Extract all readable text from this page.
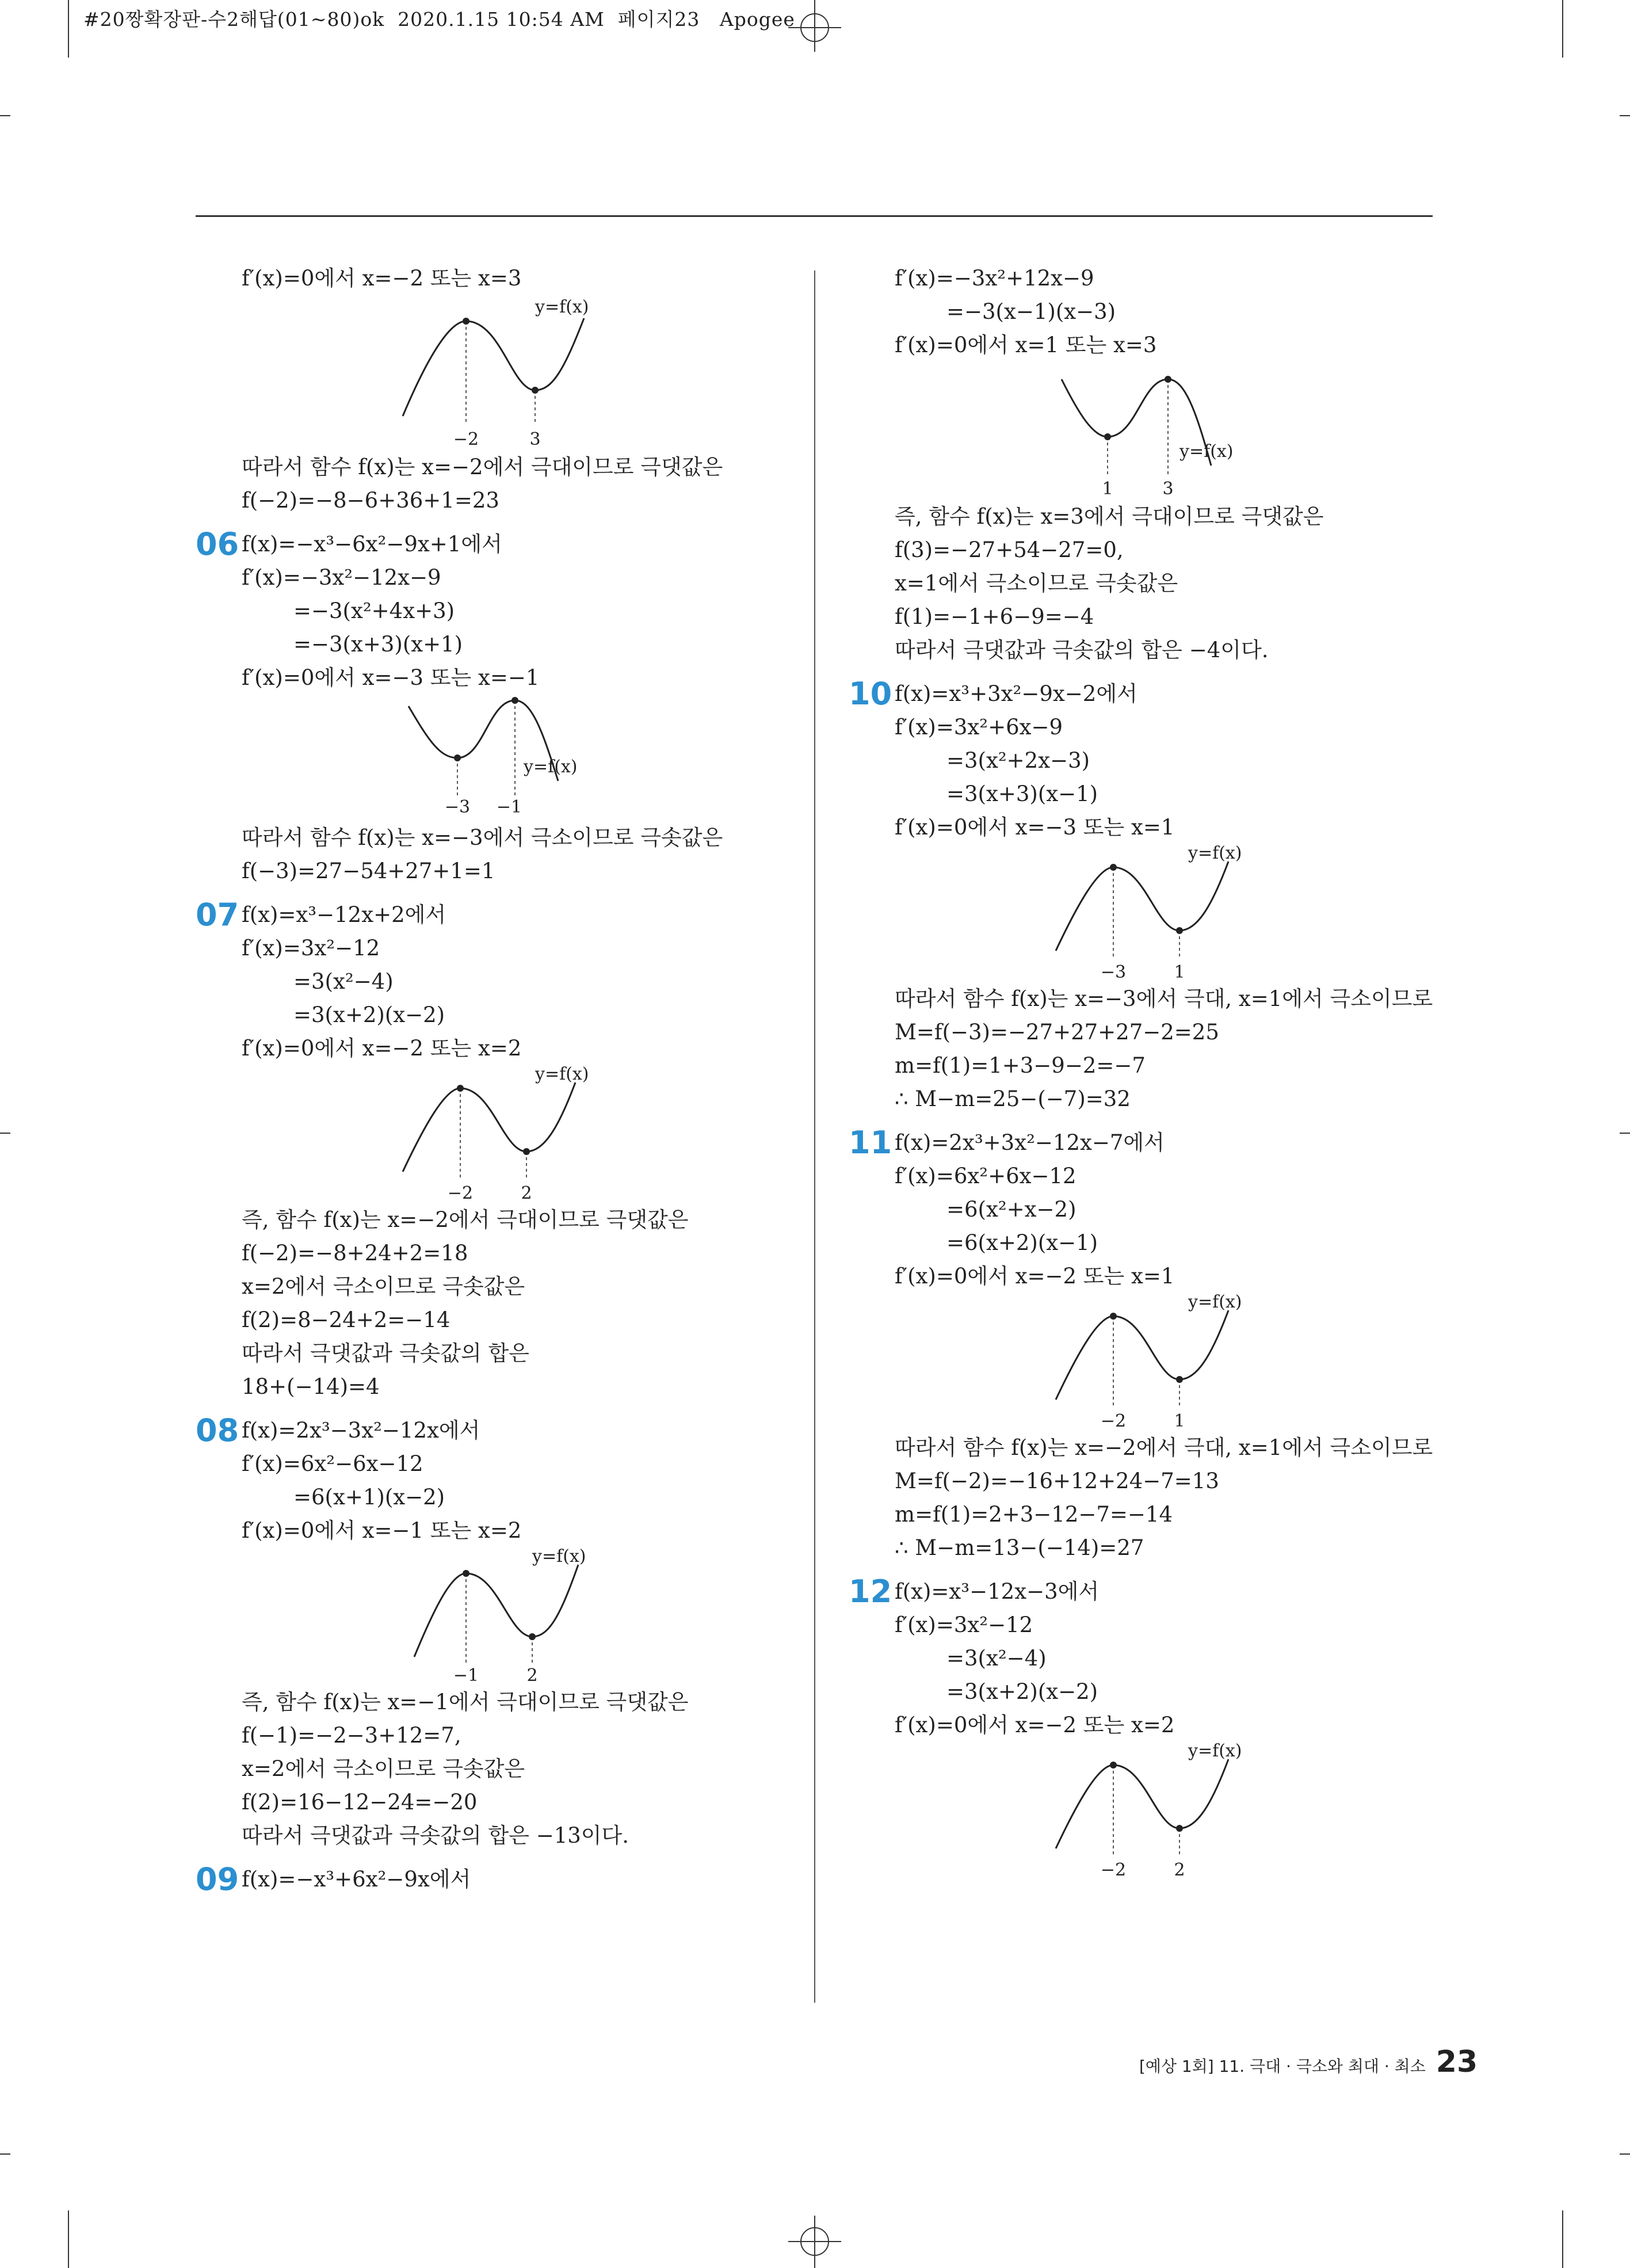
#20짱확장판-수2해답(01~80)ok  2020.1.15 10:54 AM  페이지23   Apogee
f′(x)=0에서 x=−2 또는 x=3
y=f(x)
−2	3
따라서 함수 f(x)는 x=−2에서 극대이므로 극댓값은
f(−2)=−8−6+36+1=23
06 f(x)=−x³−6x²−9x+1에서
f′(x)=−3x²−12x−9
=−3(x²+4x+3)
=−3(x+3)(x+1)
f′(x)=0에서 x=−3 또는 x=−1
y=f(x)
−3 −1
따라서 함수 f(x)는 x=−3에서 극소이므로 극솟값은
f(−3)=27−54+27+1=1
07 f(x)=x³−12x+2에서
f′(x)=3x²−12
=3(x²−4)
=3(x+2)(x−2)
f′(x)=0에서 x=−2 또는 x=2
y=f(x)
−2	2
즉, 함수 f(x)는 x=−2에서 극대이므로 극댓값은
f(−2)=−8+24+2=18
x=2에서 극소이므로 극솟값은
f(2)=8−24+2=−14
따라서 극댓값과 극솟값의 합은
18+(−14)=4
08 f(x)=2x³−3x²−12x에서
f′(x)=6x²−6x−12
=6(x+1)(x−2)
f′(x)=0에서 x=−1 또는 x=2
y=f(x)
−1	2
즉, 함수 f(x)는 x=−1에서 극대이므로 극댓값은
f(−1)=−2−3+12=7,
x=2에서 극소이므로 극솟값은
f(2)=16−12−24=−20
따라서 극댓값과 극솟값의 합은 −13이다.
09 f(x)=−x³+6x²−9x에서
f′(x)=−3x²+12x−9
=−3(x−1)(x−3)
f′(x)=0에서 x=1 또는 x=3
y=f(x)
1	3
즉, 함수 f(x)는 x=3에서 극대이므로 극댓값은
f(3)=−27+54−27=0,
x=1에서 극소이므로 극솟값은
f(1)=−1+6−9=−4
따라서 극댓값과 극솟값의 합은 −4이다.
10 f(x)=x³+3x²−9x−2에서
f′(x)=3x²+6x−9
=3(x²+2x−3)
=3(x+3)(x−1)
f′(x)=0에서 x=−3 또는 x=1
y=f(x)
−3	1
따라서 함수 f(x)는 x=−3에서 극대, x=1에서 극소이므로
M=f(−3)=−27+27+27−2=25
m=f(1)=1+3−9−2=−7
∴ M−m=25−(−7)=32
11 f(x)=2x³+3x²−12x−7에서
f′(x)=6x²+6x−12
=6(x²+x−2)
=6(x+2)(x−1)
f′(x)=0에서 x=−2 또는 x=1
y=f(x)
−2	1
따라서 함수 f(x)는 x=−2에서 극대, x=1에서 극소이므로
M=f(−2)=−16+12+24−7=13
m=f(1)=2+3−12−7=−14
∴ M−m=13−(−14)=27
12 f(x)=x³−12x−3에서
f′(x)=3x²−12
=3(x²−4)
=3(x+2)(x−2)
f′(x)=0에서 x=−2 또는 x=2
y=f(x)
−2	2
[예상 1회] 11. 극대 · 극소와 최대 · 최소 23
